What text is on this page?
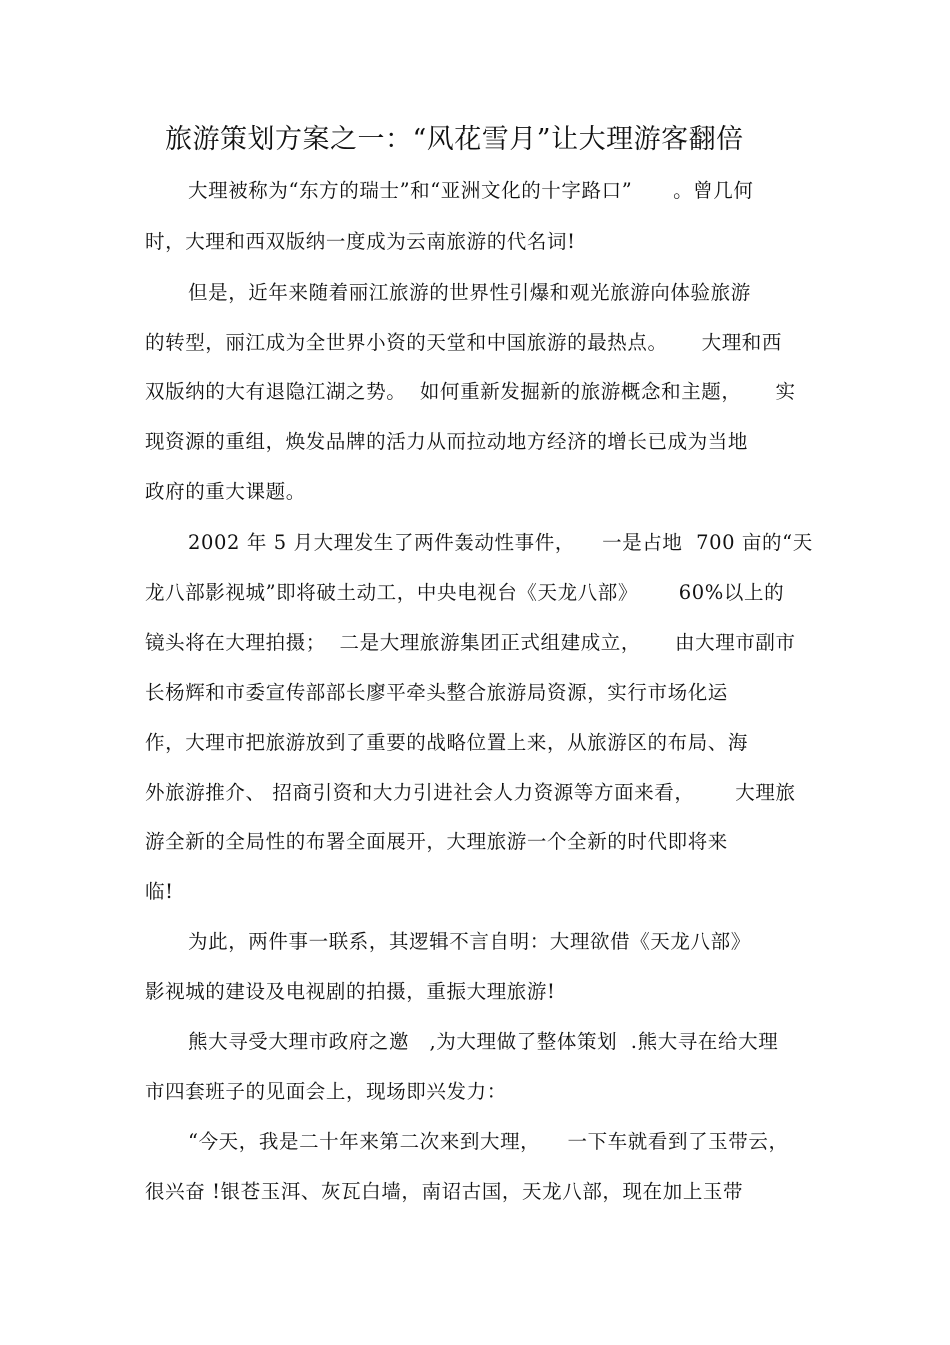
旅游策划方案之一：“风花雪月”让大理游客翻倍
大理被称为“东方的瑞士”和“亚洲文化的十字路口”      。曾几何
时，大理和西双版纳一度成为云南旅游的代名词!
但是，近年来随着丽江旅游的世界性引爆和观光旅游向体验旅游
的转型，丽江成为全世界小资的天堂和中国旅游的最热点。     大理和西
双版纳的大有退隐江湖之势。  如何重新发掘新的旅游概念和主题，     实
现资源的重组，焕发品牌的活力从而拉动地方经济的增长已成为当地
政府的重大课题。
2002 年 5 月大理发生了两件轰动性事件，    一是占地  700 亩的“天
龙八部影视城”即将破土动工，中央电视台《天龙八部》      60%以上的
镜头将在大理拍摄；  二是大理旅游集团正式组建成立，     由大理市副市
长杨辉和市委宣传部部长廖平牵头整合旅游局资源，实行市场化运
作，大理市把旅游放到了重要的战略位置上来，从旅游区的布局、海
外旅游推介、 招商引资和大力引进社会人力资源等方面来看，      大理旅
游全新的全局性的布署全面展开，大理旅游一个全新的时代即将来
临!
为此，两件事一联系，其逻辑不言自明：大理欲借《天龙八部》
影视城的建设及电视剧的拍摄，重振大理旅游!
熊大寻受大理市政府之邀   ,为大理做了整体策划  .熊大寻在给大理
市四套班子的见面会上，现场即兴发力：
“今天，我是二十年来第二次来到大理，    一下车就看到了玉带云，
很兴奋 !银苍玉洱、灰瓦白墙，南诏古国，天龙八部，现在加上玉带
